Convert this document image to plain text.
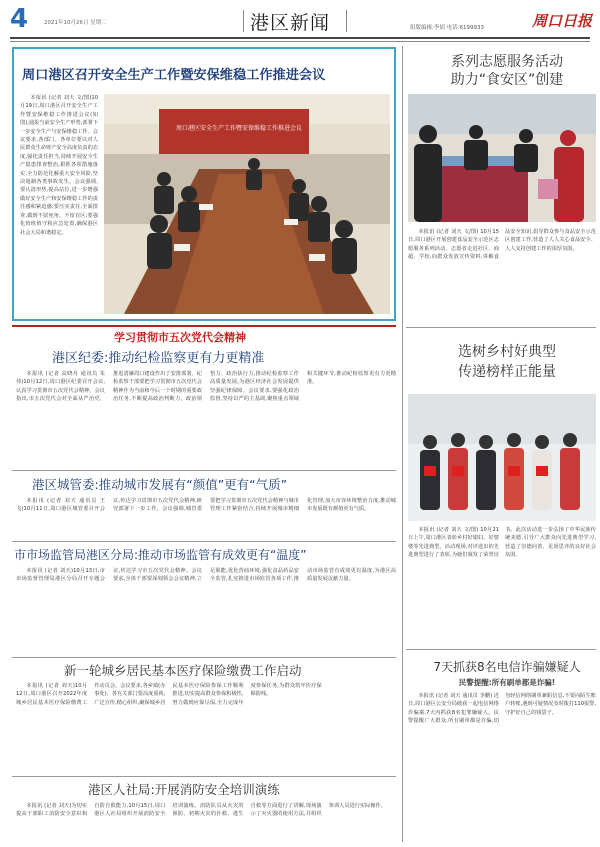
4	2021年10月26日 星期二	港区新闻	组版编辑:李娟 电话:6199933	周口日报
周口港区召开安全生产工作暨安保维稳工作推进会议

本报讯 (记者 刘天 文/图)10月19日,周口港区召开安全生产工作暨安保维稳工作推进会议(如图),通报当前安全生产形势,部署下一步安全生产与安保维稳工作。会议要求,各部门、各单位要以对人民群众生命财产安全高度负责的态度,强化责任担当,持续开展安全生产隐患排查整治,狠抓各项措施落实,全力防范化解重大安全风险,坚决遏制各类事故发生。会议强调,要认清形势,提高站位,进一步增强做好安全生产和安保维稳工作的责任感和紧迫感;要压实责任,全面排查,做到不留死角、不留盲区;要强化值班值守和应急处置,确保港区社会大局和谐稳定。

周口港区安全生产工作暨安保维稳工作推进会议
学习贯彻市五次党代会精神
港区纪委:推动纪检监察更有力更精准

本报讯 (记者 高晓丹 通讯员 朱伟)10月12日,周口港区纪委召开会议,认真学习贯彻市五次党代会精神。会议指出,市五次党代会对全面从严治党、推进清廉周口建设作出了安排部署。纪检监察干部要把学习贯彻市五次党代会精神作为当前和今后一个时期的重要政治任务,不断提高政治判断力、政治领悟力、政治执行力,推动纪检监察工作高质量发展,为港区经济社会发展提供坚强纪律保障。会议要求,要强化政治监督,坚持以严的主基调,聚焦重点领域和关键环节,推动纪检监察更有力更精准。

港区城管委:推动城市发展有“颜值”更有“气质”

本报讯 (记者 刘天 通讯员 王飞)10月11日,周口港区城管委召开会议,传达学习贯彻市五次党代会精神,研究部署下一步工作。会议强调,城管委要把学习贯彻市五次党代会精神与城市管理工作紧密结合,持续开展城市精细化管理,加大市容环境整治力度,推动城市发展既有颜值更有气质。

市市场监管局港区分局:推动市场监管有成效更有“温度”

本报讯 (记者 刘天)10月13日,市市场监督管理局港区分局召开专题会议,传达学习市五次党代会精神。会议要求,全体干部要深刻领会会议精神,立足职能,优化营商环境,强化食品药品安全监管,扎实推进市场监管各项工作,推动市场监管有成效更有温度,为港区高质量发展贡献力量。

新一轮城乡居民基本医疗保险缴费工作启动

本报讯 (记者 刘天)10月12日,周口港区召开2022年度城乡居民基本医疗保险缴费工作动员会。会议要求,各乡镇(办事处)、各有关部门要高度重视,广泛宣传,精心组织,确保城乡居民基本医疗保险参保工作顺利推进,切实提高群众参保积极性,努力做到应保尽保,全力完成年度参保任务,为群众筑牢医疗保障防线。

港区人社局:开展消防安全培训演练

本报讯 (记者 刘天)为切实提高干部职工消防安全意识和自防自救能力,10月15日,周口港区人社局组织开展消防安全培训演练。消防队员从火灾的预防、初期火灾的扑救、逃生自救等方面进行了讲解,现场演示了灭火器的使用方法,并组织参训人员进行实际操作。

系列志愿服务活动
助力“食安区”创建

本报讯 (记者 刘天 文/图) 10月15日,周口港区开展创建食品安全示范区志愿服务系列活动。志愿者走进社区、商超、学校,向群众发放宣传资料,讲解食品安全知识,倡导群众参与食品安全示范区创建工作,营造了人人关心食品安全、人人支持创建工作的浓厚氛围。

选树乡村好典型
传递榜样正能量

本报讯 (记者 刘天 文/图) 10月21日上午,周口港区表彰乡村好媳妇、好婆婆等先进典型。活动现场,对评选出的先进典型进行了表彰,为她们颁发了荣誉证书。此次活动进一步弘扬了中华民族传统美德,引导广大群众向先进典型学习,营造了崇德向善、见贤思齐的良好社会氛围。

7天抓获8名电信诈骗嫌疑人
民警提醒:所有刷单都是诈骗!

本报讯 (记者 刘天 通讯员 李鹏) 近日,周口港区公安分局破获一起电信网络诈骗案,7天内抓获8名犯罪嫌疑人。民警提醒广大群众,所有刷单都是诈骗,切勿轻信网络刷单兼职信息,不要向陌生账户转账,遇到可疑情况及时拨打110报警,守护好自己的钱袋子。
